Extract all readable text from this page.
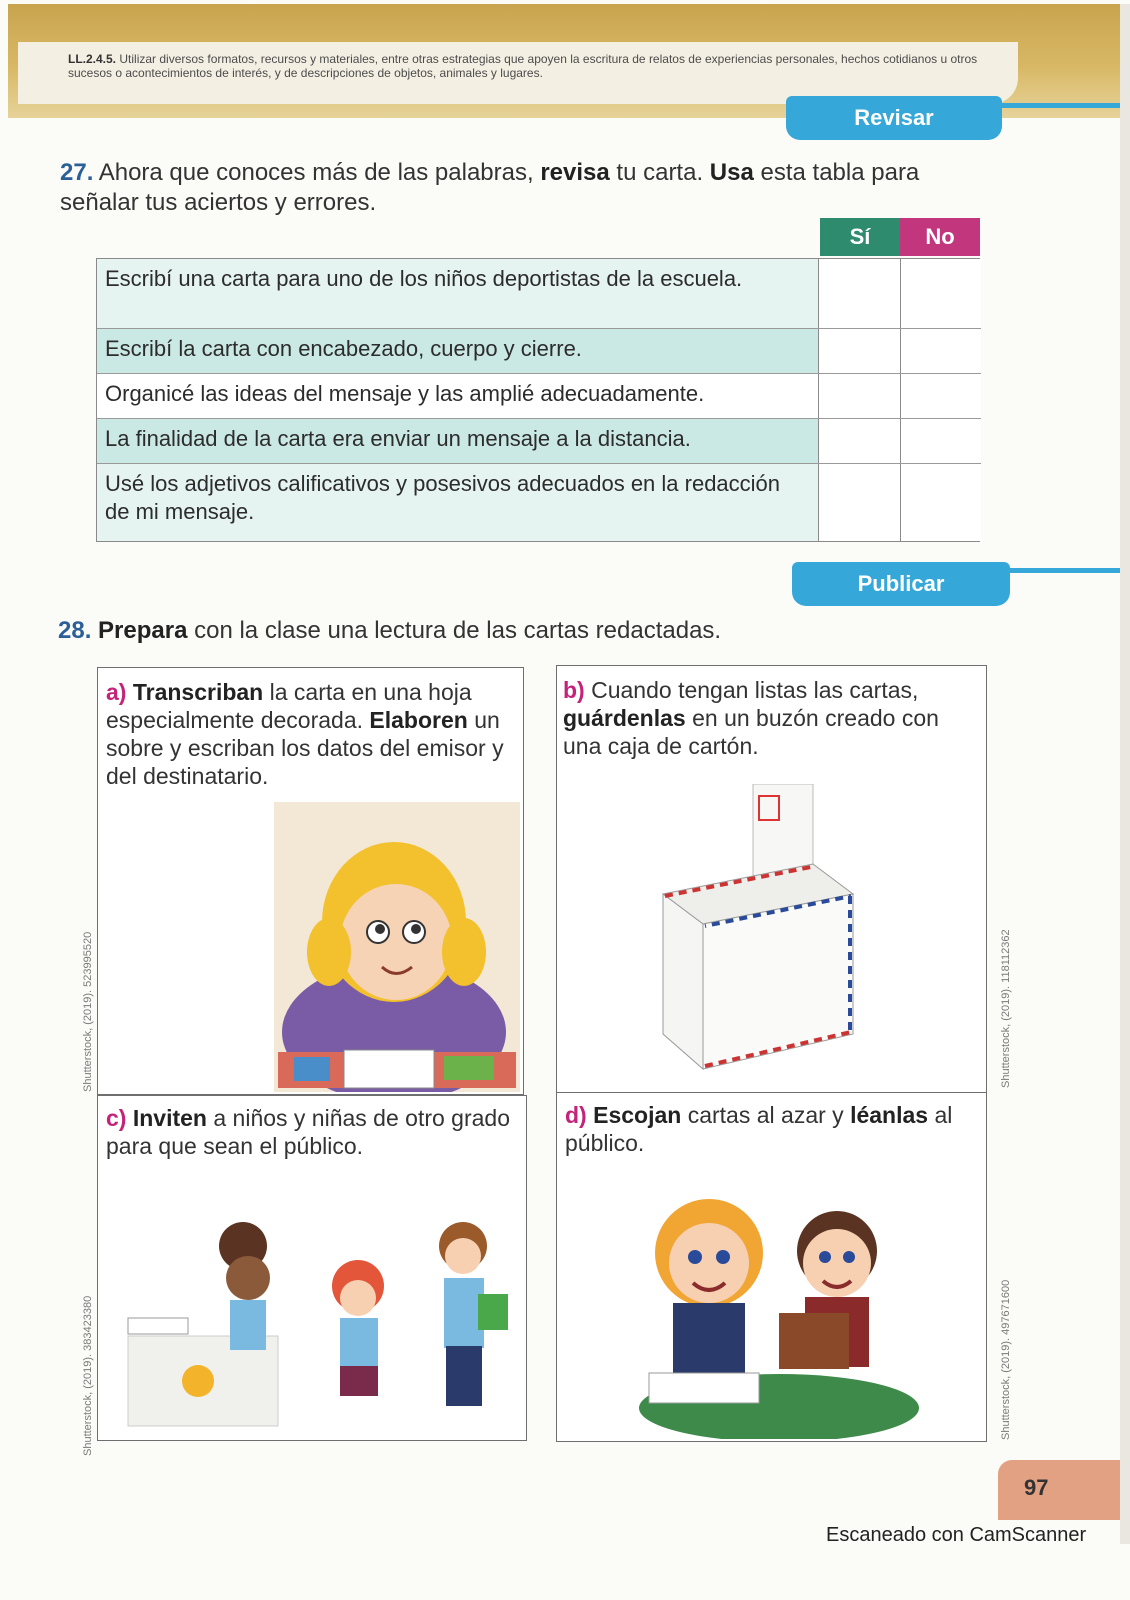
LL.2.4.5. Utilizar diversos formatos, recursos y materiales, entre otras estrategias que apoyen la escritura de relatos de experiencias personales, hechos cotidianos u otros sucesos o acontecimientos de interés, y de descripciones de objetos, animales y lugares.
Revisar
27. Ahora que conoces más de las palabras, revisa tu carta. Usa esta tabla para señalar tus aciertos y errores.
Sí	No
Escribí una carta para uno de los niños deportistas de la escuela.
Escribí la carta con encabezado, cuerpo y cierre.
Organicé las ideas del mensaje y las amplié adecuadamente.
La finalidad de la carta era enviar un mensaje a la distancia.
Usé los adjetivos calificativos y posesivos adecuados en la redacción de mi mensaje.
Publicar
28. Prepara con la clase una lectura de las cartas redactadas.
a) Transcriban la carta en una hoja especialmente decorada. Elaboren un sobre y escriban los datos del emisor y del destinatario.
b) Cuando tengan listas las cartas, guárdenlas en un buzón creado con una caja de cartón.
c) Inviten a niños y niñas de otro grado para que sean el público.
d) Escojan cartas al azar y léanlas al público.
Shutterstock, (2019). 523995520	Shutterstock, (2019). 118112362
Shutterstock, (2019). 383423380	Shutterstock, (2019). 497671600
97
Escaneado con CamScanner
